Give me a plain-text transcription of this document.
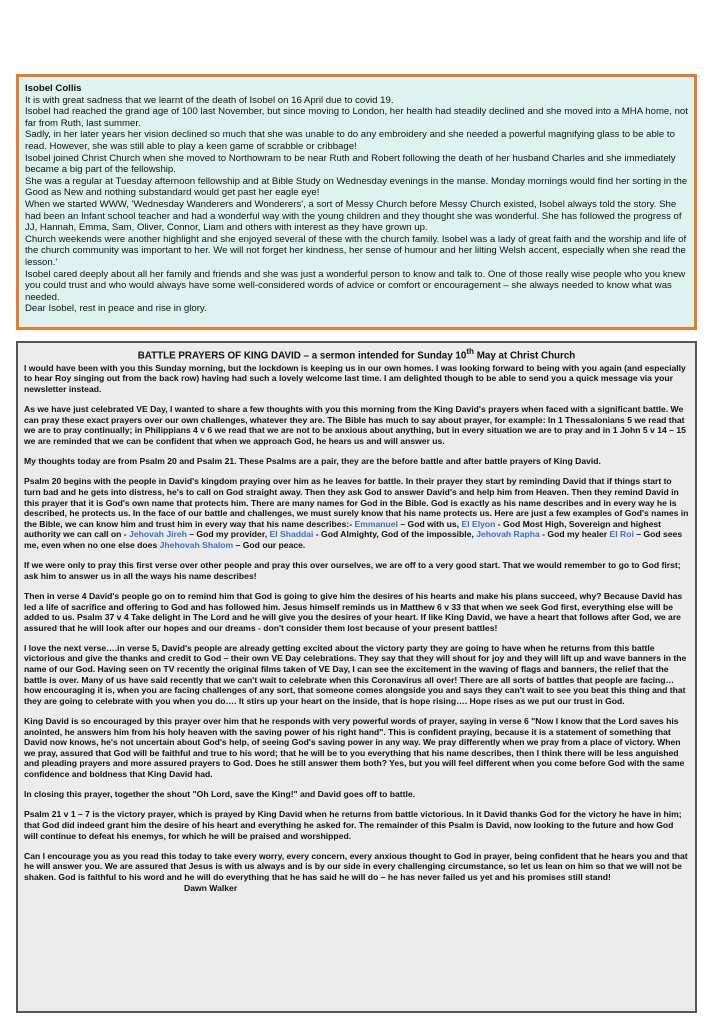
Isobel Collis

It is with great sadness that we learnt of the death of Isobel on 16 April due to covid 19.

Isobel had reached the grand age of 100 last November, but since moving to London, her health had steadily declined and she moved into a MHA home, not far from Ruth, last summer.

Sadly, in her later years her vision declined so much that she was unable to do any embroidery and she needed a powerful magnifying glass to be able to read. However, she was still able to play a keen game of scrabble or cribbage!

Isobel joined Christ Church when she moved to Northowram to be near Ruth and Robert following the death of her husband Charles and she immediately became a big part of the fellowship.

She was a regular at Tuesday afternoon fellowship and at Bible Study on Wednesday evenings in the manse. Monday mornings would find her sorting in the Good as New and nothing substandard would get past her eagle eye!

When we started WWW, 'Wednesday Wanderers and Wonderers', a sort of Messy Church before Messy Church existed, Isobel always told the story. She had been an Infant school teacher and had a wonderful way with the young children and they thought she was wonderful. She has followed the progress of JJ, Hannah, Emma, Sam, Oliver, Connor, Liam and others with interest as they have grown up.

Church weekends were another highlight and she enjoyed several of these with the church family. Isobel was a lady of great faith and the worship and life of the church community was important to her. We will not forget her kindness, her sense of humour and her lilting Welsh accent, especially when she read the lesson.'

Isobel cared deeply about all her family and friends and she was just a wonderful person to know and talk to. One of those really wise people who you knew you could trust and who would always have some well-considered words of advice or comfort or encouragement – she always needed to know what was needed.

Dear Isobel, rest in peace and rise in glory.

BATTLE PRAYERS OF KING DAVID – a sermon intended for Sunday 10th May at Christ Church

I would have been with you this Sunday morning, but the lockdown is keeping us in our own homes. I was looking forward to being with you again (and especially to hear Roy singing out from the back row) having had such a lovely welcome last time. I am delighted though to be able to send you a quick message via your newsletter instead.

As we have just celebrated VE Day, I wanted to share a few thoughts with you this morning from the King David's prayers when faced with a significant battle. We can pray these exact prayers over our own challenges, whatever they are. The Bible has much to say about prayer, for example: In 1 Thessalonians 5 we read that we are to pray continually; in Philippians 4 v 6 we read that we are not to be anxious about anything, but in every situation we are to pray and in 1 John 5 v 14 – 15 we are reminded that we can be confident that when we approach God, he hears us and will answer us.

My thoughts today are from Psalm 20 and Psalm 21. These Psalms are a pair, they are the before battle and after battle prayers of King David.

Psalm 20 begins with the people in David's kingdom praying over him as he leaves for battle. In their prayer they start by reminding David that if things start to turn bad and he gets into distress, he's to call on God straight away. Then they ask God to answer David's and help him from Heaven. Then they remind David in this prayer that it is God's own name that protects him. There are many names for God in the Bible. God is exactly as his name describes and in every way he is described, he protects us. In the face of our battle and challenges, we must surely know that his name protects us. Here are just a few examples of God's names in the Bible, we can know him and trust him in every way that his name describes:- Emmanuel – God with us, El Elyon - God Most High, Sovereign and highest authority we can call on - Jehovah Jireh – God my provider, El Shaddai - God Almighty, God of the impossible, Jehovah Rapha - God my healer El Roi – God sees me, even when no one else does Jhehovah Shalom – God our peace.

If we were only to pray this first verse over other people and pray this over ourselves, we are off to a very good start. That we would remember to go to God first; ask him to answer us in all the ways his name describes!

Then in verse 4 David's people go on to remind him that God is going to give him the desires of his hearts and make his plans succeed, why? Because David has led a life of sacrifice and offering to God and has followed him. Jesus himself reminds us in Matthew 6 v 33 that when we seek God first, everything else will be added to us. Psalm 37 v 4 Take delight in The Lord and he will give you the desires of your heart. If like King David, we have a heart that follows after God, we are assured that he will look after our hopes and our dreams - don't consider them lost because of your present battles!

I love the next verse….in verse 5, David's people are already getting excited about the victory party they are going to have when he returns from this battle victorious and give the thanks and credit to God – their own VE Day celebrations. They say that they will shout for joy and they will lift up and wave banners in the name of our God. Having seen on TV recently the original films taken of VE Day, I can see the excitement in the waving of flags and banners, the relief that the battle is over. Many of us have said recently that we can't wait to celebrate when this Coronavirus all over! There are all sorts of battles that people are facing…how encouraging it is, when you are facing challenges of any sort, that someone comes alongside you and says they can't wait to see you beat this thing and that they are going to celebrate with you when you do…. It stirs up your heart on the inside, that is hope rising…. Hope rises as we put our trust in God.

King David is so encouraged by this prayer over him that he responds with very powerful words of prayer, saying in verse 6 "Now I know that the Lord saves his anointed, he answers him from his holy heaven with the saving power of his right hand". This is confident praying, because it is a statement of something that David now knows, he's not uncertain about God's help, of seeing God's saving power in any way. We pray differently when we pray from a place of victory. When we pray, assured that God will be faithful and true to his word; that he will be to you everything that his name describes, then I think there will be less anguished and pleading prayers and more assured prayers to God. Does he still answer them both? Yes, but you will feel different when you come before God with the same confidence and boldness that King David had.

In closing this prayer, together the shout "Oh Lord, save the King!" and David goes off to battle.

Psalm 21 v 1 – 7 is the victory prayer, which is prayed by King David when he returns from battle victorious. In it David thanks God for the victory he have in him; that God did indeed grant him the desire of his heart and everything he asked for. The remainder of this Psalm is David, now looking to the future and how God will continue to defeat his enemys, for which he will be praised and worshipped.

Can I encourage you as you read this today to take every worry, every concern, every anxious thought to God in prayer, being confident that he hears you and that he will answer you. We are assured that Jesus is with us always and is by our side in every challenging circumstance, so let us lean on him so that we will not be shaken. God is faithful to his word and he will do everything that he has said he will do – he has never failed us yet and his promises still stand!Dawn Walker
